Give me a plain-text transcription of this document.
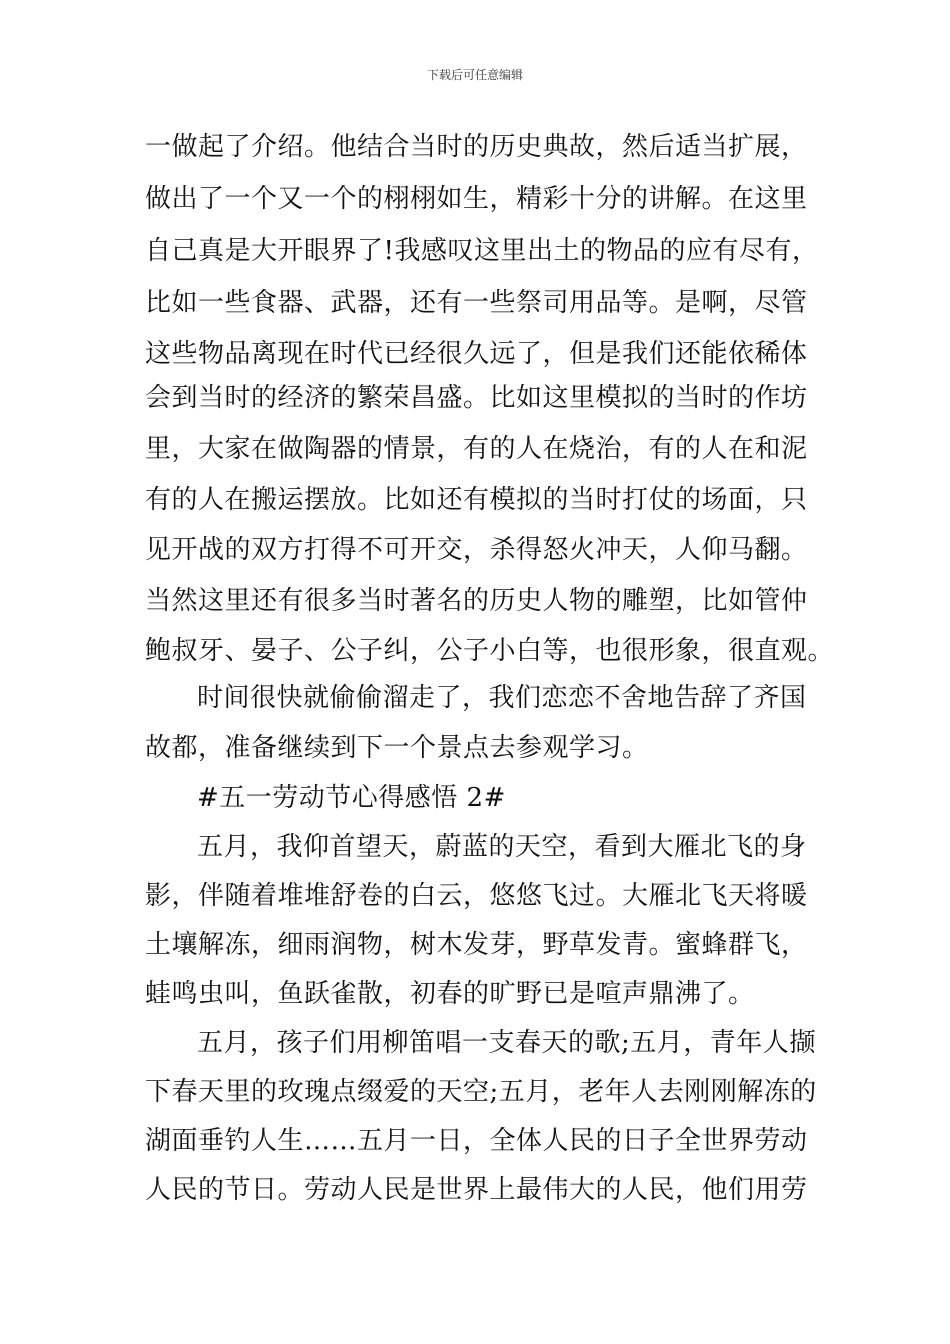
下载后可任意编辑
一做起了介绍。他结合当时的历史典故，然后适当扩展，
做出了一个又一个的栩栩如生，精彩十分的讲解。在这里
自己真是大开眼界了!我感叹这里出土的物品的应有尽有，
比如一些食器、武器，还有一些祭司用品等。是啊，尽管
这些物品离现在时代已经很久远了，但是我们还能依稀体
会到当时的经济的繁荣昌盛。比如这里模拟的当时的作坊
里，大家在做陶器的情景，有的人在烧治，有的人在和泥
有的人在搬运摆放。比如还有模拟的当时打仗的场面，只
见开战的双方打得不可开交，杀得怒火冲天，人仰马翻。
当然这里还有很多当时著名的历史人物的雕塑，比如管仲
鲍叔牙、晏子、公子纠，公子小白等，也很形象，很直观。
时间很快就偷偷溜走了，我们恋恋不舍地告辞了齐国
故都，准备继续到下一个景点去参观学习。
#五一劳动节心得感悟 2#
五月，我仰首望天，蔚蓝的天空，看到大雁北飞的身
影，伴随着堆堆舒卷的白云，悠悠飞过。大雁北飞天将暖
土壤解冻，细雨润物，树木发芽，野草发青。蜜蜂群飞，
蛙鸣虫叫，鱼跃雀散，初春的旷野已是喧声鼎沸了。
五月，孩子们用柳笛唱一支春天的歌;五月，青年人撷
下春天里的玫瑰点缀爱的天空;五月，老年人去刚刚解冻的
湖面垂钓人生……五月一日，全体人民的日子全世界劳动
人民的节日。劳动人民是世界上最伟大的人民，他们用劳
